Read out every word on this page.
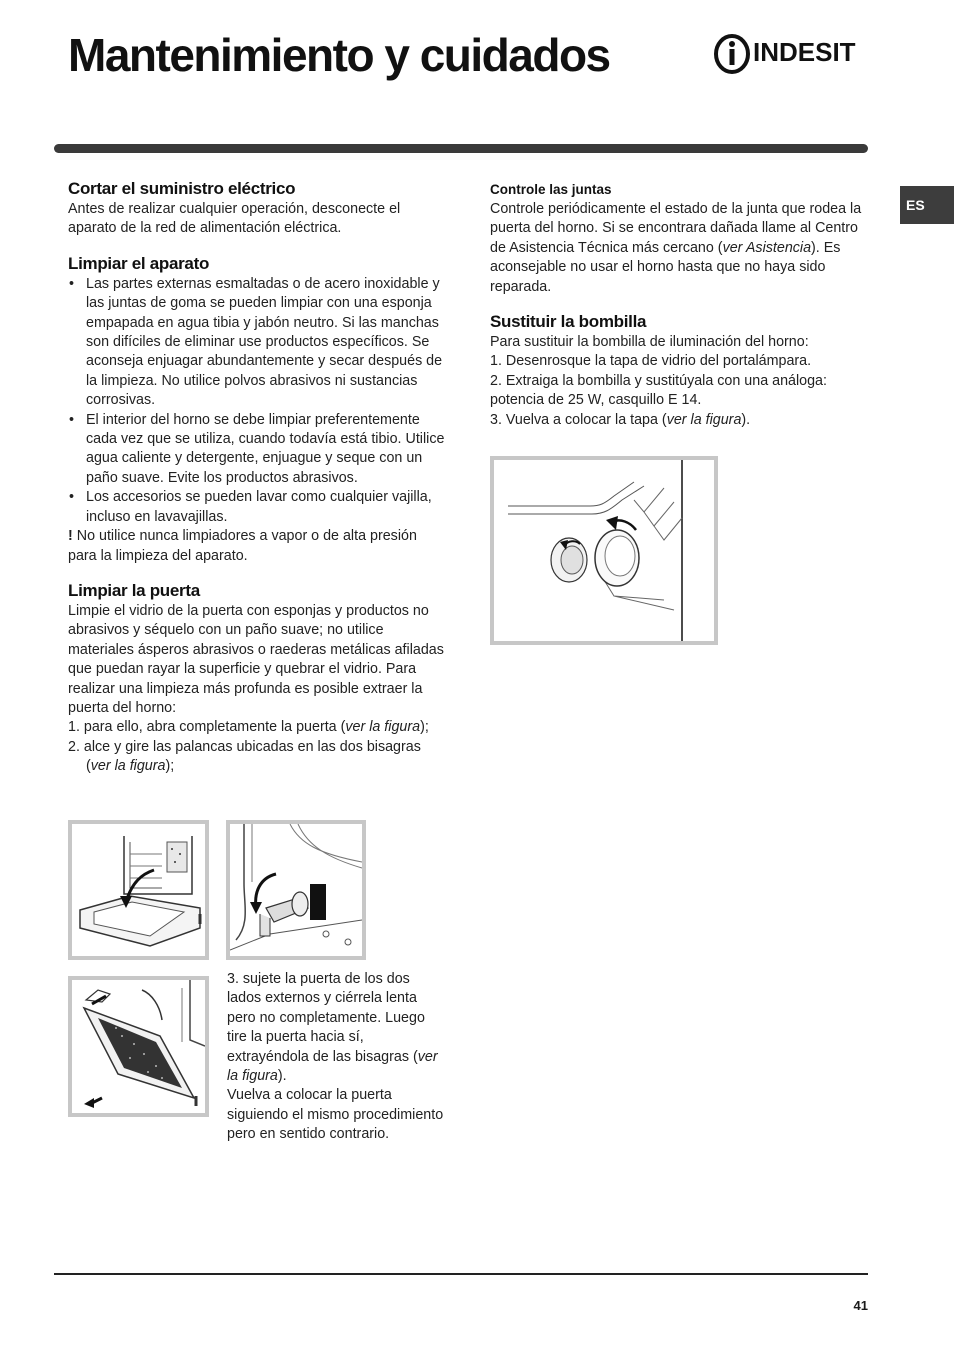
Mantenimiento y cuidados	INDESIT
ES
Cortar el suministro eléctrico

Antes de realizar cualquier operación, desconecte el aparato de la red de alimentación eléctrica.

Limpiar el aparato
• Las partes externas esmaltadas o de acero inoxidable y las juntas de goma se pueden limpiar con una esponja empapada en agua tibia y jabón neutro. Si las manchas son difíciles de eliminar use productos específicos. Se aconseja enjuagar abundantemente y secar después de la limpieza. No utilice polvos abrasivos ni sustancias corrosivas.
• El interior del horno se debe limpiar preferentemente cada vez que se utiliza, cuando todavía está tibio. Utilice agua caliente y detergente, enjuague y seque con un paño suave. Evite los productos abrasivos.
• Los accesorios se pueden lavar como cualquier vajilla, incluso en lavavajillas.

! No utilice nunca limpiadores a vapor o de alta presión para la limpieza del aparato.

Limpiar la puerta

Limpie el vidrio de la puerta con esponjas y productos no abrasivos y séquelo con un paño suave; no utilice materiales ásperos abrasivos o raederas metálicas afiladas que puedan rayar la superficie y quebrar el vidrio. Para realizar una limpieza más profunda es posible extraer la puerta del horno:

1. para ello, abra completamente la puerta (ver la figura);

2. alce y gire las palancas ubicadas en las dos bisagras (ver la figura);

3. sujete la puerta de los dos lados externos y ciérrela lenta pero no completamente. Luego tire la puerta hacia sí, extrayéndola de las bisagras (ver la figura).

Vuelva a colocar la puerta siguiendo el mismo procedimiento pero en sentido contrario.

Controle las juntas

Controle periódicamente el estado de la junta que rodea la puerta del horno. Si se encontrara dañada llame al Centro de Asistencia Técnica más cercano (ver Asistencia). Es aconsejable no usar el horno hasta que no haya sido reparada.

Sustituir la bombilla

Para sustituir la bombilla de iluminación del horno:

1. Desenrosque la tapa de vidrio del portalámpara.

2. Extraiga la bombilla y sustitúyala con una análoga: potencia de 25 W, casquillo E 14.

3. Vuelva a colocar la tapa (ver la figura).

41
